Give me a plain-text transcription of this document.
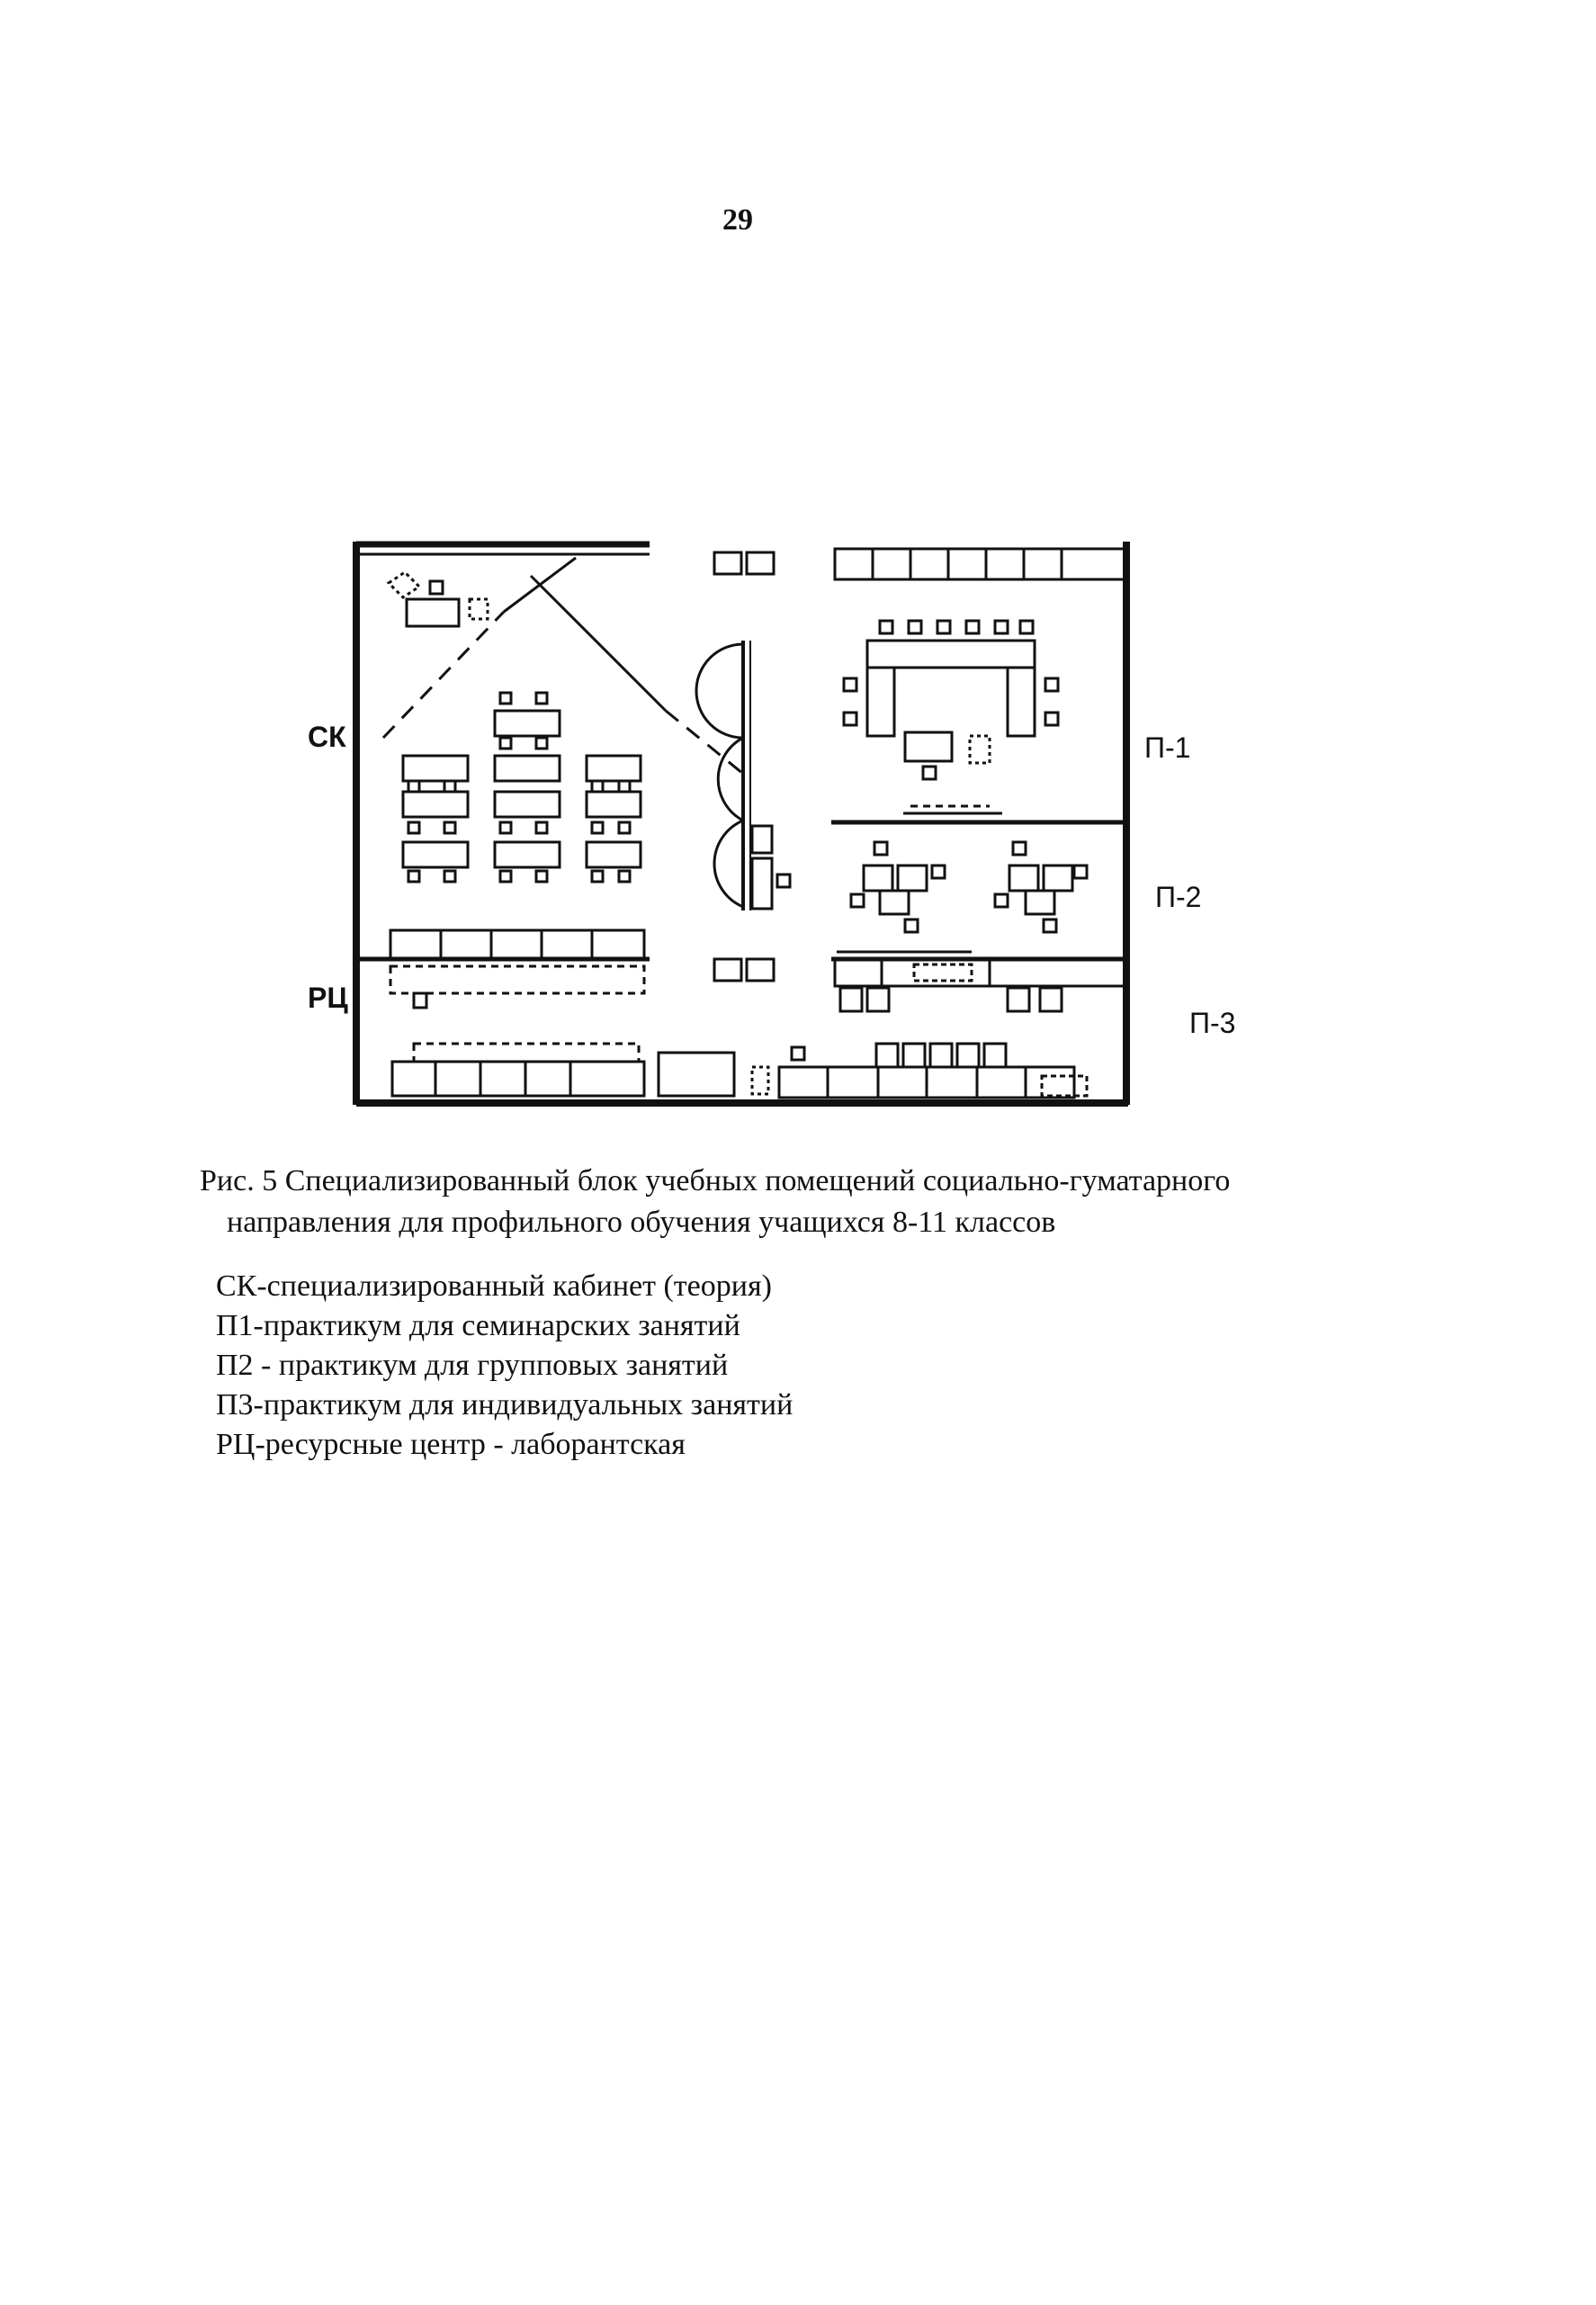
29
СК	П-1
П-2
П-3
РЦ
Рис. 5 Специализированный блок учебных помещений социально-гуматарного
направления для профильного обучения учащихся 8-11 классов
СК-специализированный кабинет (теория)
П1-практикум для семинарских занятий
П2 - практикум для групповых занятий
П3-практикум для индивидуальных занятий
РЦ-ресурсные центр - лаборантская
